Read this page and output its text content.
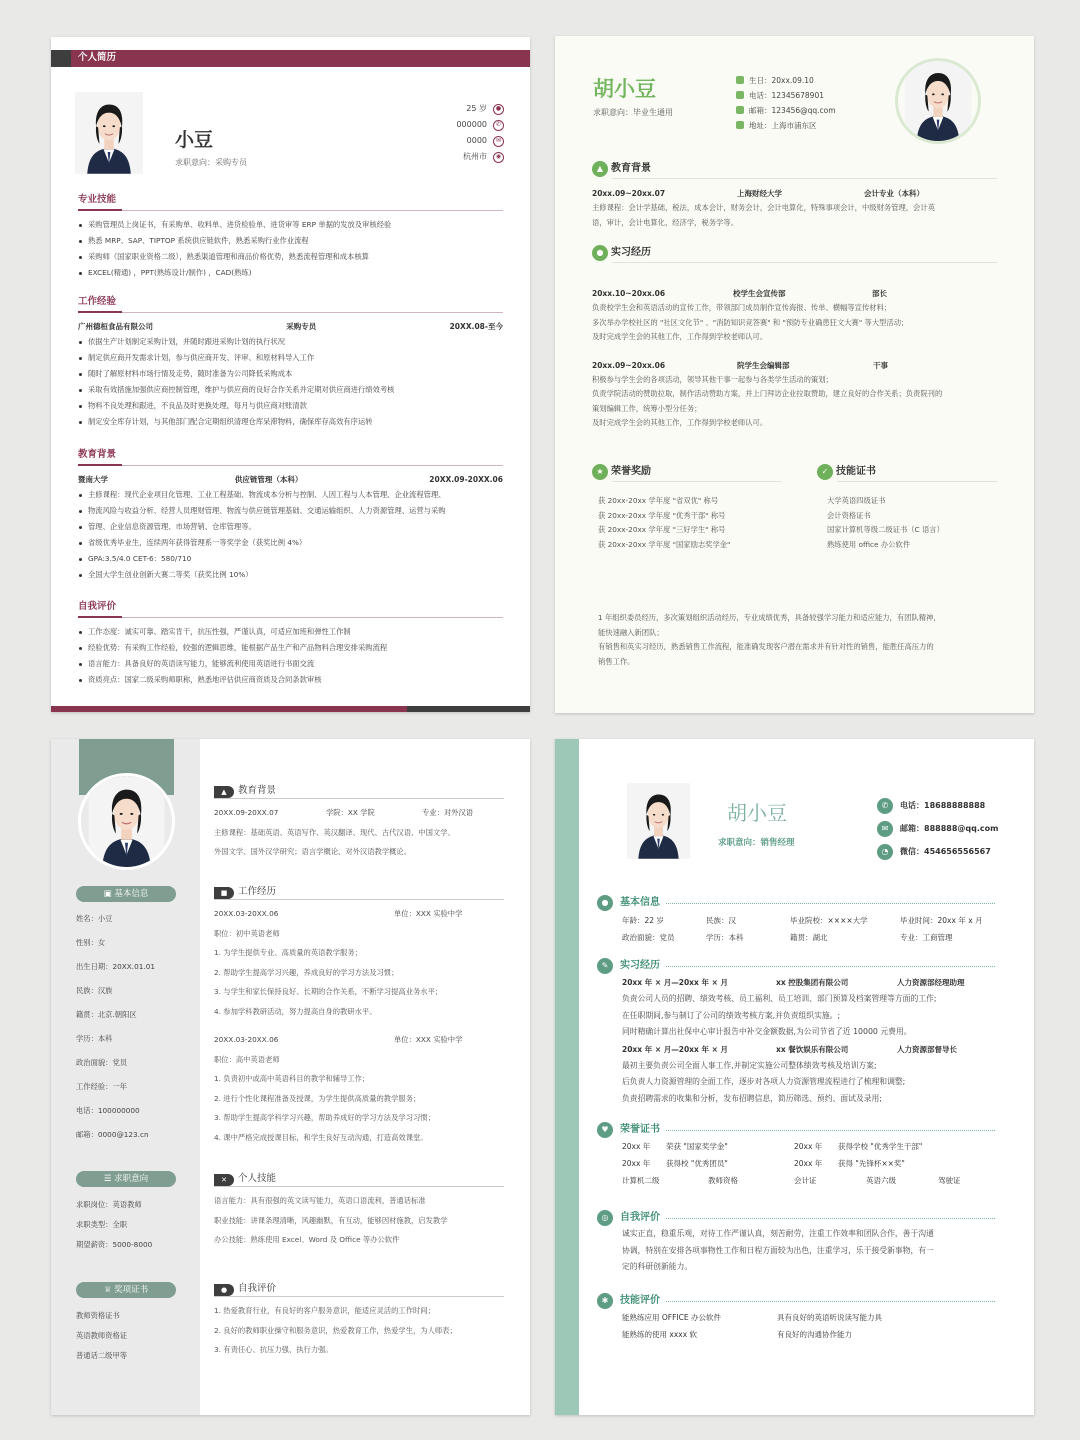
个人简历
小豆
求职意向：采购专员
25 岁	●
000000	✆
0000	✉
杭州市	◉
专业技能
采购管理员上岗证书，有采购单、收料单、进货检验单、进货审等 ERP 单据的发放及审核经验
熟悉 MRP、SAP、TIPTOP 系统供应链软件，熟悉采购行业作业流程
采购师（国家职业资格二级），熟悉渠道管理和商品价格优势，熟悉流程管理和成本核算
EXCEL(精通) ，PPT(熟练设计/制作) ，CAD(熟练)
工作经验
广州德桓食品有限公司	采购专员	20XX.08-至今
依据生产计划制定采购计划，并随时跟进采购计划的执行状况
制定供应商开发需求计划，参与供应商开发、评审、和原材料导入工作
随时了解原材料市场行情及走势，随时准备为公司降低采购成本
采取有效措施加强供应商控制管理，维护与供应商的良好合作关系并定期对供应商进行绩效考核
物料不良处理和跟进，不良品及时更换处理，每月与供应商对账清款
制定安全库存计划，与其他部门配合定期组织清理仓库呆滞物料，确保库存高效有序运转
教育背景
暨南大学	供应链管理（本科）	20XX.09-20XX.06
主修课程：现代企业项目化管理、工业工程基础、物流成本分析与控制、人因工程与人本管理、企业流程管理、
物流风险与收益分析、经营人员理财管理、物流与供应链管理基础、交通运输组织、人力资源管理、运营与采购
管理、企业信息资源管理、市场营销、仓库管理等。
省级优秀毕业生，连续两年获得管理系一等奖学金（获奖比例 4%）
GPA:3.5/4.0 CET-6：580/710
全国大学生创业创新大赛二等奖（获奖比例 10%）
自我评价
工作态度：诚实可靠、踏实肯干，抗压性强，严谨认真，可适应加班和弹性工作制
经验优势：有采购工作经验，较强的逻辑思维，能根据产品生产和产品物料合理安排采购流程
语言能力：具备良好的英语读写能力，能够流利使用英语进行书面交流
资质亮点：国家二级采购师职称，熟悉地评估供应商资质及合同条款审核
胡小豆
求职意向：毕业生通用
生日：20xx.09.10
电话：12345678901
邮箱：123456@qq.com
地址：上海市浦东区
▲ 教育背景
20xx.09~20xx.07	上海财经大学	会计专业（本科）

主修课程：会计学基础，税法，成本会计，财务会计，会计电算化，特殊事项会计，中级财务管理，会计英

语，审计，会计电算化，经济学，税务学等。

● 实习经历
20xx.10~20xx.06	校学生会宣传部	部长

负责校学生会和英语活动的宣传工作，带领部门成员制作宣传海报、传单、横幅等宣传材料；

多次举办学校社区的 "社区文化节" 、"消防知识竞答赛" 和 "预防专业确患狂文大赛" 等大型活动；

及时完成学生会的其他工作，工作得到学校老师认可。

20xx.09~20xx.06	院学生会编辑部	干事

积极参与学生会的各项活动，领导其他干事一起参与各类学生活动的策划；

负责学院活动的赞助拉取，制作活动赞助方案，并上门拜访企业拉取赞助，建立良好的合作关系；负责院刊的

策划编辑工作，统筹小型分任务；

及时完成学生会的其他工作，工作得到学校老师认可。

★ 荣誉奖励
获 20xx-20xx 学年度 "省双优" 称号
获 20xx-20xx 学年度 "优秀干部" 称号
获 20xx-20xx 学年度 "三好学生" 称号
获 20xx-20xx 学年度 "国家励志奖学金"
✓ 技能证书
大学英语四级证书
会计资格证书
国家计算机等级二级证书（C 语言）
熟练使用 office 办公软件

1 年组织委员经历，多次策划组织活动经历，专业成绩优秀，具备较强学习能力和适应能力，有团队精神，

能快速融入新团队；

有销售和英实习经历，熟悉销售工作流程，能准确发现客户潜在需求并有针对性的销售，能胜任高压力的

销售工作。

▣ 基本信息
姓名：小豆
性别：女
出生日期：20XX.01.01
民族：汉族
籍贯：北京.朝阳区
学历：本科
政治面貌：党员
工作经验：一年
电话：100000000
邮箱：0000@123.cn
☰ 求职意向
求职岗位：英语教师
求职类型：全职
期望薪资：5000-8000
♕ 奖项证书
教师资格证书
英语教师资格证
普通话二级甲等
▲ 教育背景
20XX.09-20XX.07	学院：XX 学院	专业：对外汉语

主修课程：基础英语、英语写作、英汉翻译、现代、古代汉语、中国文学、

外国文学、国外汉学研究；语言学概论、对外汉语教学概论。

■ 工作经历
20XX.03-20XX.06	单位：XXX 实验中学

职位：初中英语老师

1. 为学生提供专业、高质量的英语教学服务；

2. 帮助学生提高学习兴趣，养成良好的学习方法及习惯；

3. 与学生和家长保持良好、长期的合作关系，不断学习提高业务水平；

4. 参加学科教研活动，努力提高自身的教研水平。

20XX.03-20XX.06	单位：XXX 实验中学

职位：高中英语老师

1. 负责初中或高中英语科目的教学和辅导工作；

2. 进行个性化课程准备及授课，为学生提供高质量的教学服务；

3. 帮助学生提高学科学习兴趣，帮助养成好的学习方法及学习习惯；

4. 课中严格完成授课目标，和学生良好互动沟通，打造高效课堂。

✕ 个人技能

语言能力：具有很强的英文读写能力，英语口语流利，普通话标准

职业技能：讲课条理清晰，风趣幽默，有互动，能够因材施教，启发教学

办公技能：熟练使用 Excel、Word 及 Office 等办公软件

● 自我评价

1. 热爱教育行业，有良好的客户服务意识，能适应灵活的工作时间；

2. 良好的教师职业操守和服务意识，热爱教育工作，热爱学生，为人师表；

3. 有责任心、抗压力强、执行力强。

胡小豆
求职意向：销售经理
✆	电话：18688888888
✉	邮箱：888888@qq.com
◔	微信：454656556567
●	基本信息
年龄：22 岁	民族：汉	毕业院校：××××大学	毕业时间：20xx 年 x 月
政治面貌：党员	学历：本科	籍贯：湖北	专业：工商管理
✎	实习经历
20xx 年 × 月—20xx 年 × 月	xx 控股集团有限公司	人力资源部经理助理

负责公司人员的招聘、绩效考核、员工福利、员工培训、部门预算及档案管理等方面的工作;

在任职期间,参与制订了公司的绩效考核方案,并负责组织实施。;

同时精确计算出社保中心审计报告中补交金额数据,为公司节省了近 10000 元费用。

20xx 年 × 月—20xx 年 × 月	xx 餐饮娱乐有限公司	人力资源部督导长

最初主要负责公司全面人事工作,并制定实施公司整体绩效考核及培训方案;

后负责人力资源管理的全面工作，逐步对各项人力资源管理流程进行了梳理和调整;

负责招聘需求的收集和分析，发布招聘信息，简历筛选、预约、面试及录用;

♥	荣誉证书
20xx 年	荣获 "国家奖学金"	20xx 年	获得学校 "优秀学生干部"
20xx 年	获得校 "优秀团员"	20xx 年	获得 "先锋杯××奖"
计算机二级	教师资格	会计证	英语六级	驾驶证
◎	自我评价

诚实正直，稳重乐观，对待工作严谨认真，刻苦耐劳，注重工作效率和团队合作，善于沟通

协调，特别在安排各项事物性工作和日程方面较为出色，注重学习，乐于接受新事物，有一

定的科研创新能力。

✱	技能评价
能熟练应用 OFFICE 办公软件	具有良好的英语听说读写能力具
能熟练的使用 xxxx 软	有良好的沟通协作能力
